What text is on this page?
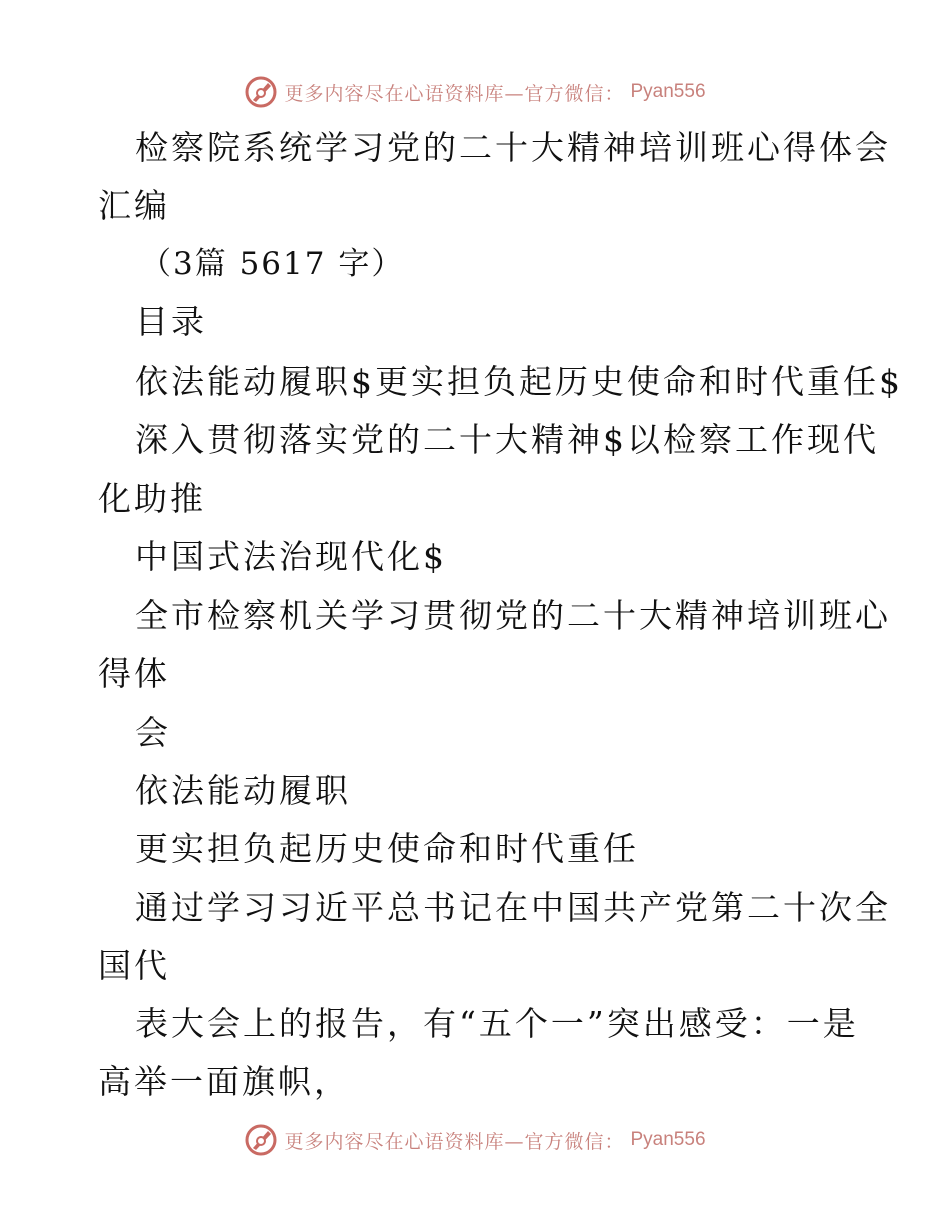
更多内容尽在心语资料库—官方微信： Pyan556
检察院系统学习党的二十大精神培训班心得体会
汇编
（3篇 5617 字）
目录
依法能动履职$更实担负起历史使命和时代重任$
深入贯彻落实党的二十大精神$以检察工作现代
化助推
中国式法治现代化$
全市检察机关学习贯彻党的二十大精神培训班心
得体
会
依法能动履职
更实担负起历史使命和时代重任
通过学习习近平总书记在中国共产党第二十次全
国代
表大会上的报告，有“五个一”突出感受：一是
高举一面旗帜，
更多内容尽在心语资料库—官方微信： Pyan556
